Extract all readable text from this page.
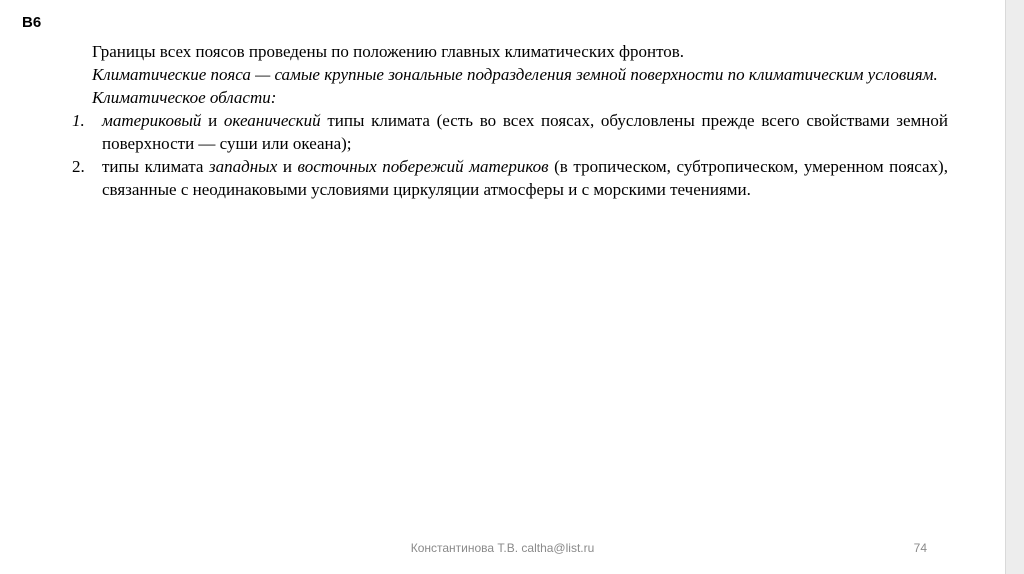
В6

Границы всех поясов проведены по положению главных климатических фронтов.

Климатические пояса — самые крупные зональные подразделения земной поверхности по климатическим условиям.

Климатическое области:

1. материковый и океанический типы климата (есть во всех поясах, обусловлены прежде всего свойствами земной поверхности — суши или океана);
2. типы климата западных и восточных побережий материков (в тропическом, субтропическом, умеренном поясах), связанные с неодинаковыми условиями циркуляции атмосферы и с морскими течениями.
Константинова Т.В. caltha@list.ru	74
